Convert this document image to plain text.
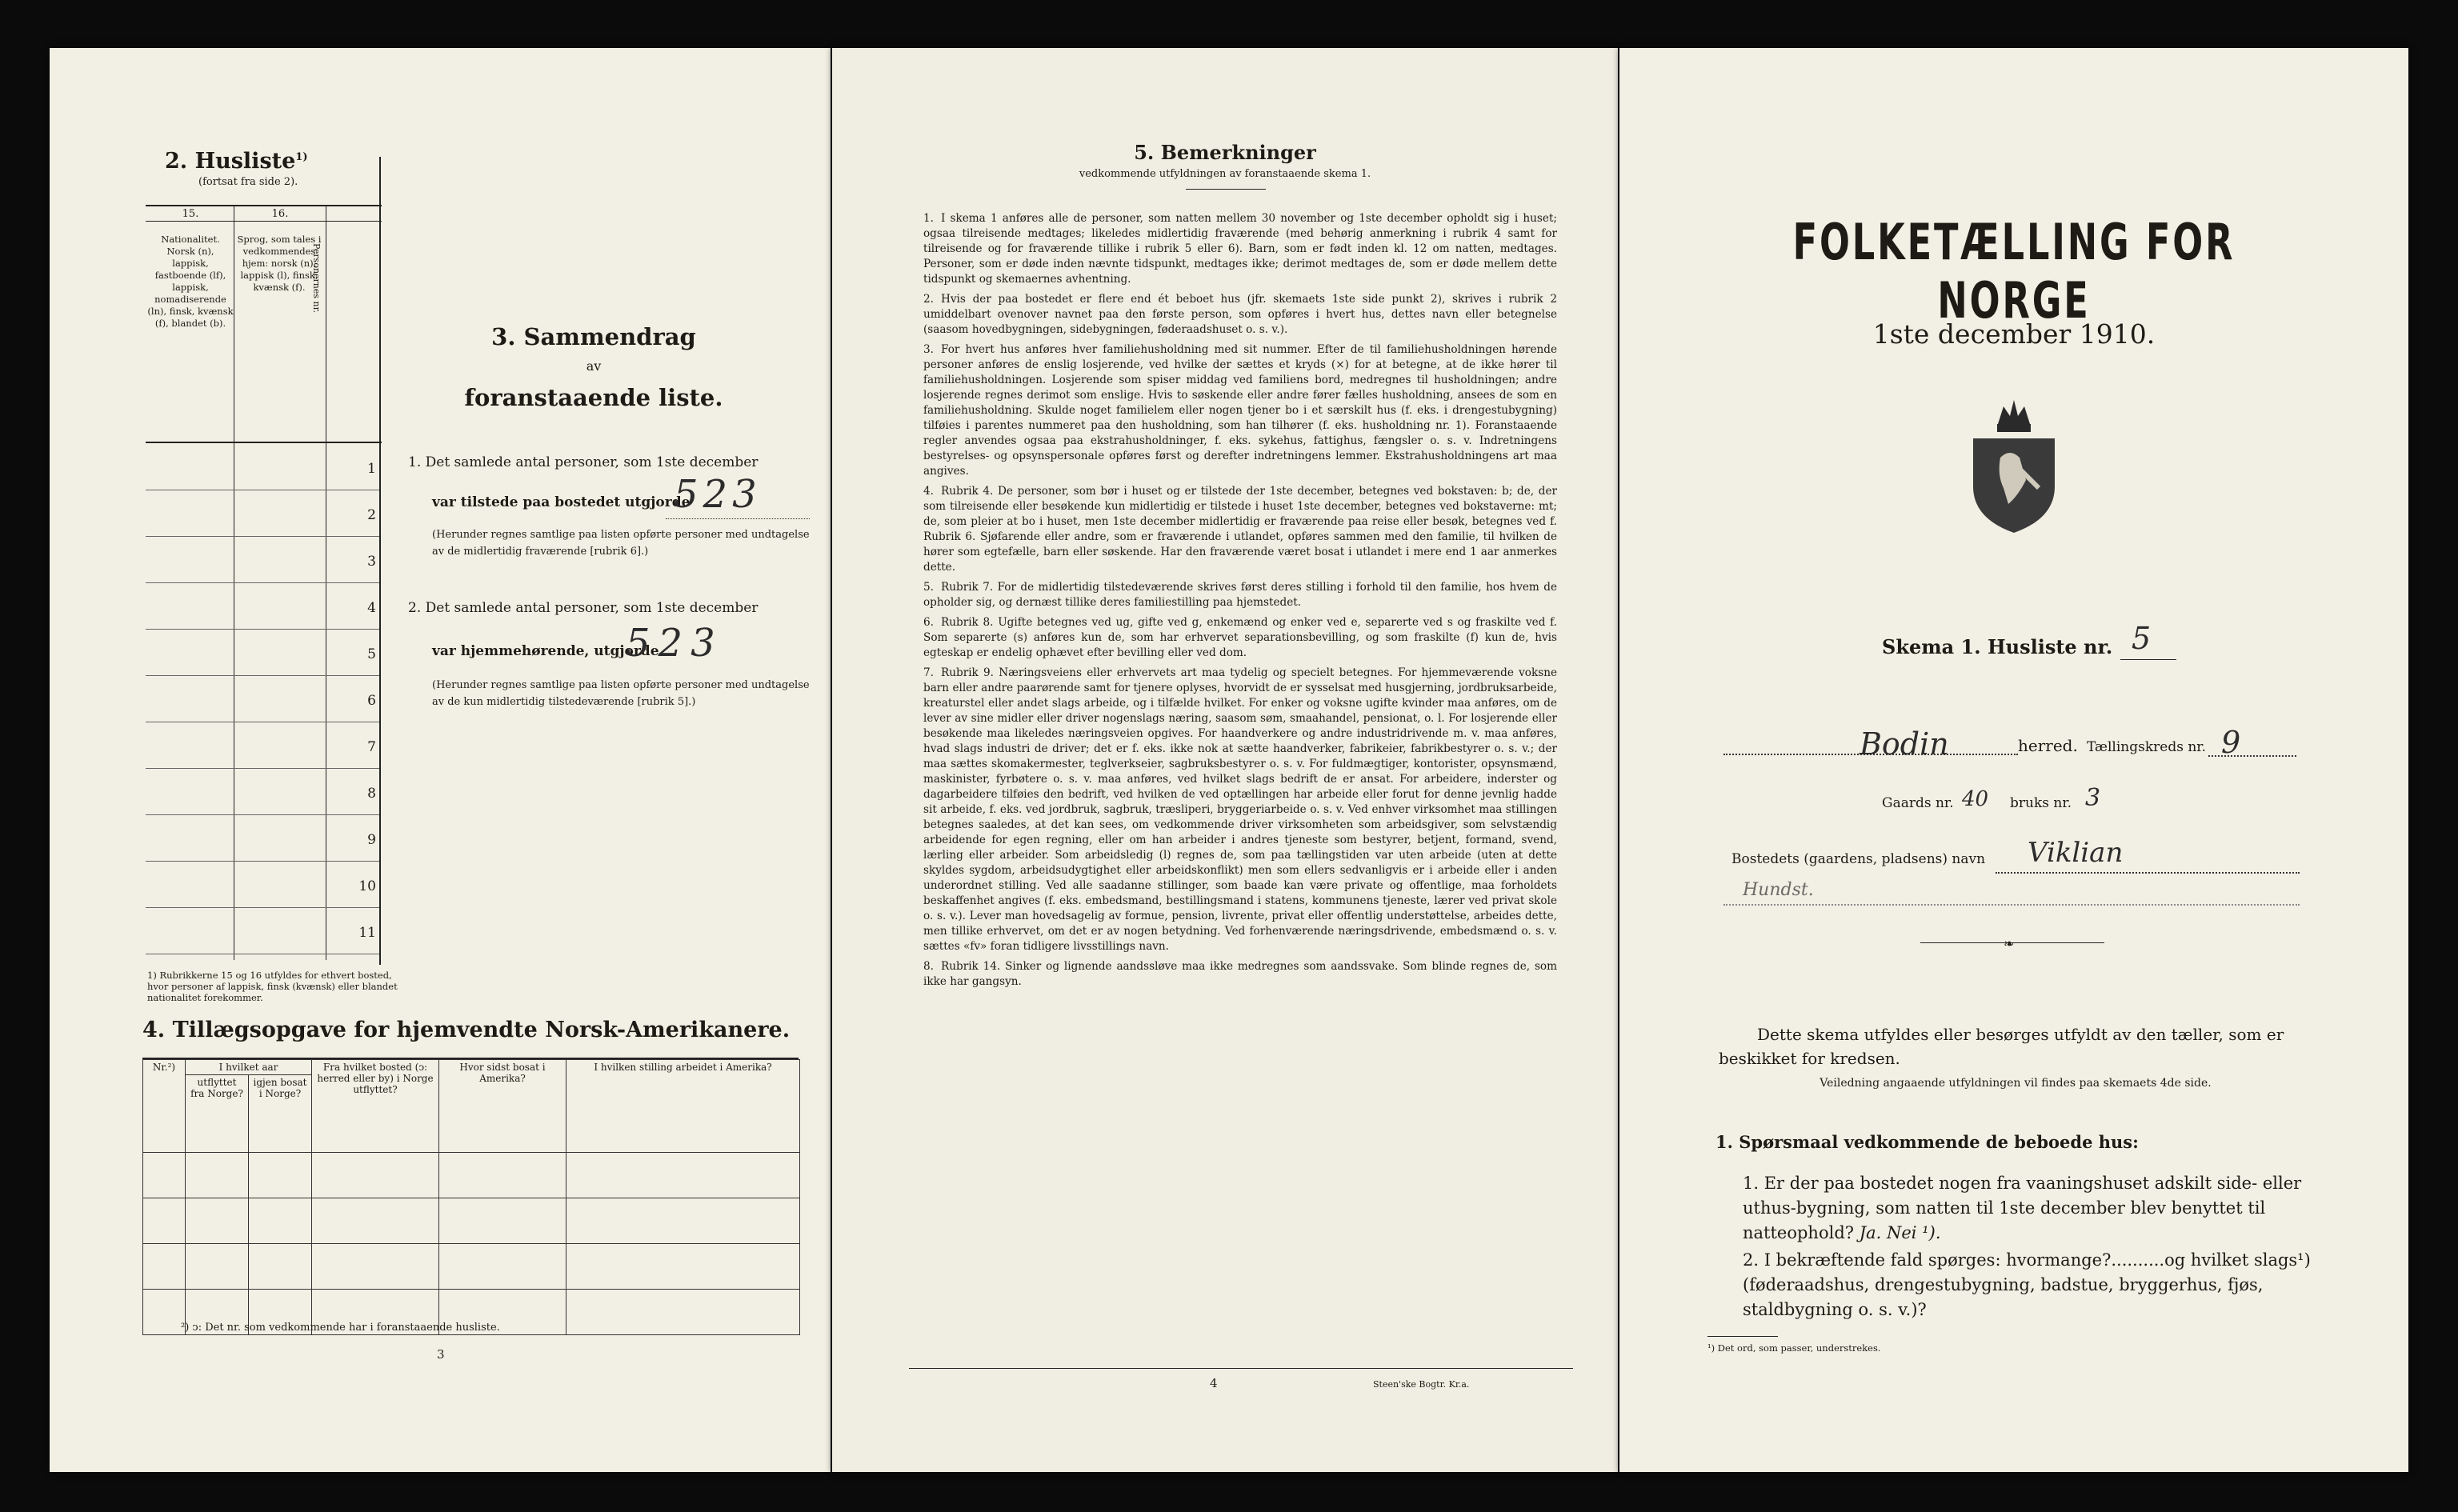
2. Husliste$^{1)}$
(fortsat fra side 2).
15.	16.
Nationalitet. Norsk (n), lappisk, fastboende (lf), lappisk, nomadiserende (ln), finsk, kvænsk (f), blandet (b).
Sprog, som tales i vedkommendes hjem: norsk (n), lappisk (l), finsk, kvænsk (f). Personernes nr.
1
2
3
4
5
6
7
8
9
10
11
1) Rubrikkerne 15 og 16 utfyldes for ethvert bosted, hvor personer af lappisk, finsk (kvænsk) eller blandet nationalitet forekommer.
3. Sammendrag
av
foranstaaende liste.
1. Det samlede antal personer, som 1ste december
var tilstede paa bostedet utgjorde
523
(Herunder regnes samtlige paa listen opførte personer med undtagelse av de midlertidig fraværende [rubrik 6].)
2. Det samlede antal personer, som 1ste december
var hjemmehørende, utgjorde
523
(Herunder regnes samtlige paa listen opførte personer med undtagelse av de kun midlertidig tilstedeværende [rubrik 5].)
4. Tillægsopgave for hjemvendte Norsk-Amerikanere.
Nr.²)	I hvilket aar		Fra hvilket bosted (ↄ: herred eller by) i Norge utflyttet?	Hvor sidst bosat i Amerika?	I hvilken stilling arbeidet i Amerika?
	utflyttet fra Norge?	igjen bosat i Norge?			

²) ↄ: Det nr. som vedkommende har i foranstaaende husliste.
3
5. Bemerkninger
vedkommende utfyldningen av foranstaaende skema 1.

1. I skema 1 anføres alle de personer, som natten mellem 30 november og 1ste december opholdt sig i huset; ogsaa tilreisende medtages; likeledes midlertidig fraværende (med behørig anmerkning i rubrik 4 samt for tilreisende og for fraværende tillike i rubrik 5 eller 6). Barn, som er født inden kl. 12 om natten, medtages. Personer, som er døde inden nævnte tidspunkt, medtages ikke; derimot medtages de, som er døde mellem dette tidspunkt og skemaernes avhentning.

2. Hvis der paa bostedet er flere end ét beboet hus (jfr. skemaets 1ste side punkt 2), skrives i rubrik 2 umiddelbart ovenover navnet paa den første person, som opføres i hvert hus, dettes navn eller betegnelse (saasom hovedbygningen, sidebygningen, føderaadshuset o. s. v.).

3. For hvert hus anføres hver familiehusholdning med sit nummer. Efter de til familiehusholdningen hørende personer anføres de enslig losjerende, ved hvilke der sættes et kryds (×) for at betegne, at de ikke hører til familiehusholdningen. Losjerende som spiser middag ved familiens bord, medregnes til husholdningen; andre losjerende regnes derimot som enslige. Hvis to søskende eller andre fører fælles husholdning, ansees de som en familiehusholdning. Skulde noget familielem eller nogen tjener bo i et særskilt hus (f. eks. i drengestubygning) tilføies i parentes nummeret paa den husholdning, som han tilhører (f. eks. husholdning nr. 1). Foranstaaende regler anvendes ogsaa paa ekstrahusholdninger, f. eks. sykehus, fattighus, fængsler o. s. v. Indretningens bestyrelses- og opsynspersonale opføres først og derefter indretningens lemmer. Ekstrahusholdningens art maa angives.

4. Rubrik 4. De personer, som bør i huset og er tilstede der 1ste december, betegnes ved bokstaven: b; de, der som tilreisende eller besøkende kun midlertidig er tilstede i huset 1ste december, betegnes ved bokstaverne: mt; de, som pleier at bo i huset, men 1ste december midlertidig er fraværende paa reise eller besøk, betegnes ved f. Rubrik 6. Sjøfarende eller andre, som er fraværende i utlandet, opføres sammen med den familie, til hvilken de hører som egtefælle, barn eller søskende. Har den fraværende været bosat i utlandet i mere end 1 aar anmerkes dette.

5. Rubrik 7. For de midlertidig tilstedeværende skrives først deres stilling i forhold til den familie, hos hvem de opholder sig, og dernæst tillike deres familiestilling paa hjemstedet.

6. Rubrik 8. Ugifte betegnes ved ug, gifte ved g, enkemænd og enker ved e, separerte ved s og fraskilte ved f. Som separerte (s) anføres kun de, som har erhvervet separationsbevilling, og som fraskilte (f) kun de, hvis egteskap er endelig ophævet efter bevilling eller ved dom.

7. Rubrik 9. Næringsveiens eller erhvervets art maa tydelig og specielt betegnes. For hjemmeværende voksne barn eller andre paarørende samt for tjenere oplyses, hvorvidt de er sysselsat med husgjerning, jordbruksarbeide, kreaturstel eller andet slags arbeide, og i tilfælde hvilket. For enker og voksne ugifte kvinder maa anføres, om de lever av sine midler eller driver nogenslags næring, saasom søm, smaahandel, pensionat, o. l. For losjerende eller besøkende maa likeledes næringsveien opgives. For haandverkere og andre industridrivende m. v. maa anføres, hvad slags industri de driver; det er f. eks. ikke nok at sætte haandverker, fabrikeier, fabrikbestyrer o. s. v.; der maa sættes skomakermester, teglverkseier, sagbruksbestyrer o. s. v. For fuldmægtiger, kontorister, opsynsmænd, maskinister, fyrbøtere o. s. v. maa anføres, ved hvilket slags bedrift de er ansat. For arbeidere, inderster og dagarbeidere tilføies den bedrift, ved hvilken de ved optællingen har arbeide eller forut for denne jevnlig hadde sit arbeide, f. eks. ved jordbruk, sagbruk, træsliperi, bryggeriarbeide o. s. v. Ved enhver virksomhet maa stillingen betegnes saaledes, at det kan sees, om vedkommende driver virksomheten som arbeidsgiver, som selvstændig arbeidende for egen regning, eller om han arbeider i andres tjeneste som bestyrer, betjent, formand, svend, lærling eller arbeider. Som arbeidsledig (l) regnes de, som paa tællingstiden var uten arbeide (uten at dette skyldes sygdom, arbeidsudygtighet eller arbeidskonflikt) men som ellers sedvanligvis er i arbeide eller i anden underordnet stilling. Ved alle saadanne stillinger, som baade kan være private og offentlige, maa forholdets beskaffenhet angives (f. eks. embedsmand, bestillingsmand i statens, kommunens tjeneste, lærer ved privat skole o. s. v.). Lever man hovedsagelig av formue, pension, livrente, privat eller offentlig understøttelse, arbeides dette, men tillike erhvervet, om det er av nogen betydning. Ved forhenværende næringsdrivende, embedsmænd o. s. v. sættes «fv» foran tidligere livsstillings navn.

8. Rubrik 14. Sinker og lignende aandssløve maa ikke medregnes som aandssvake. Som blinde regnes de, som ikke har gangsyn.

4	Steen'ske Bogtr. Kr.a.
FOLKETÆLLING FOR NORGE
1ste december 1910.
Skema 1. Husliste nr. 5
Bodin	herred. Tællingskreds nr. 9
Gaards nr. 40 bruks nr. 3
Bostedets (gaardens, pladsens) navn Viklian
Hundst.
❧
Dette skema utfyldes eller besørges utfyldt av den tæller, som er beskikket for kredsen.
Veiledning angaaende utfyldningen vil findes paa skemaets 4de side.
1. Spørsmaal vedkommende de beboede hus:
1. Er der paa bostedet nogen fra vaaningshuset adskilt side- eller uthus-bygning, som natten til 1ste december blev benyttet til natteophold? Ja. Nei ¹).
2. I bekræftende fald spørges: hvormange?..........og hvilket slags¹) (føderaadshus, drengestubygning, badstue, bryggerhus, fjøs, staldbygning o. s. v.)?
¹) Det ord, som passer, understrekes.
